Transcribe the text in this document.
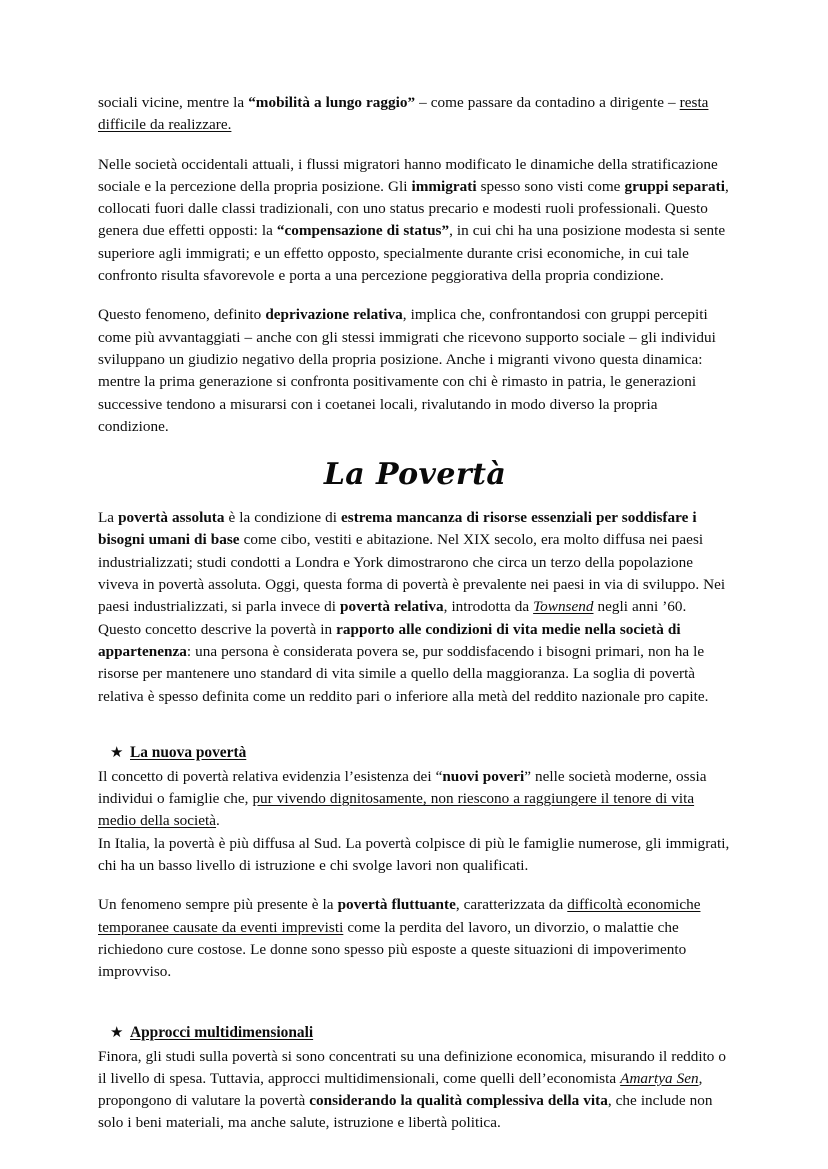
sociali vicine, mentre la “mobilità a lungo raggio” – come passare da contadino a dirigente – resta difficile da realizzare.

Nelle società occidentali attuali, i flussi migratori hanno modificato le dinamiche della stratificazione sociale e la percezione della propria posizione. Gli immigrati spesso sono visti come gruppi separati, collocati fuori dalle classi tradizionali, con uno status precario e modesti ruoli professionali. Questo genera due effetti opposti: la “compensazione di status”, in cui chi ha una posizione modesta si sente superiore agli immigrati; e un effetto opposto, specialmente durante crisi economiche, in cui tale confronto risulta sfavorevole e porta a una percezione peggiorativa della propria condizione.

Questo fenomeno, definito deprivazione relativa, implica che, confrontandosi con gruppi percepiti come più avvantaggiati – anche con gli stessi immigrati che ricevono supporto sociale – gli individui sviluppano un giudizio negativo della propria posizione. Anche i migranti vivono questa dinamica: mentre la prima generazione si confronta positivamente con chi è rimasto in patria, le generazioni successive tendono a misurarsi con i coetanei locali, rivalutando in modo diverso la propria condizione.

La Povertà

La povertà assoluta è la condizione di estrema mancanza di risorse essenziali per soddisfare i bisogni umani di base come cibo, vestiti e abitazione. Nel XIX secolo, era molto diffusa nei paesi industrializzati; studi condotti a Londra e York dimostrarono che circa un terzo della popolazione viveva in povertà assoluta. Oggi, questa forma di povertà è prevalente nei paesi in via di sviluppo. Nei paesi industrializzati, si parla invece di povertà relativa, introdotta da Townsend negli anni ’60. Questo concetto descrive la povertà in rapporto alle condizioni di vita medie nella società di appartenenza: una persona è considerata povera se, pur soddisfacendo i bisogni primari, non ha le risorse per mantenere uno standard di vita simile a quello della maggioranza. La soglia di povertà relativa è spesso definita come un reddito pari o inferiore alla metà del reddito nazionale pro capite.

★ La nuova povertà

Il concetto di povertà relativa evidenzia l’esistenza dei “nuovi poveri” nelle società moderne, ossia individui o famiglie che, pur vivendo dignitosamente, non riescono a raggiungere il tenore di vita medio della società.

In Italia, la povertà è più diffusa al Sud. La povertà colpisce di più le famiglie numerose, gli immigrati, chi ha un basso livello di istruzione e chi svolge lavori non qualificati.

Un fenomeno sempre più presente è la povertà fluttuante, caratterizzata da difficoltà economiche temporanee causate da eventi imprevisti come la perdita del lavoro, un divorzio, o malattie che richiedono cure costose. Le donne sono spesso più esposte a queste situazioni di impoverimento improvviso.

★ Approcci multidimensionali

Finora, gli studi sulla povertà si sono concentrati su una definizione economica, misurando il reddito o il livello di spesa. Tuttavia, approcci multidimensionali, come quelli dell’economista Amartya Sen, propongono di valutare la povertà considerando la qualità complessiva della vita, che include non solo i beni materiali, ma anche salute, istruzione e libertà politica.
